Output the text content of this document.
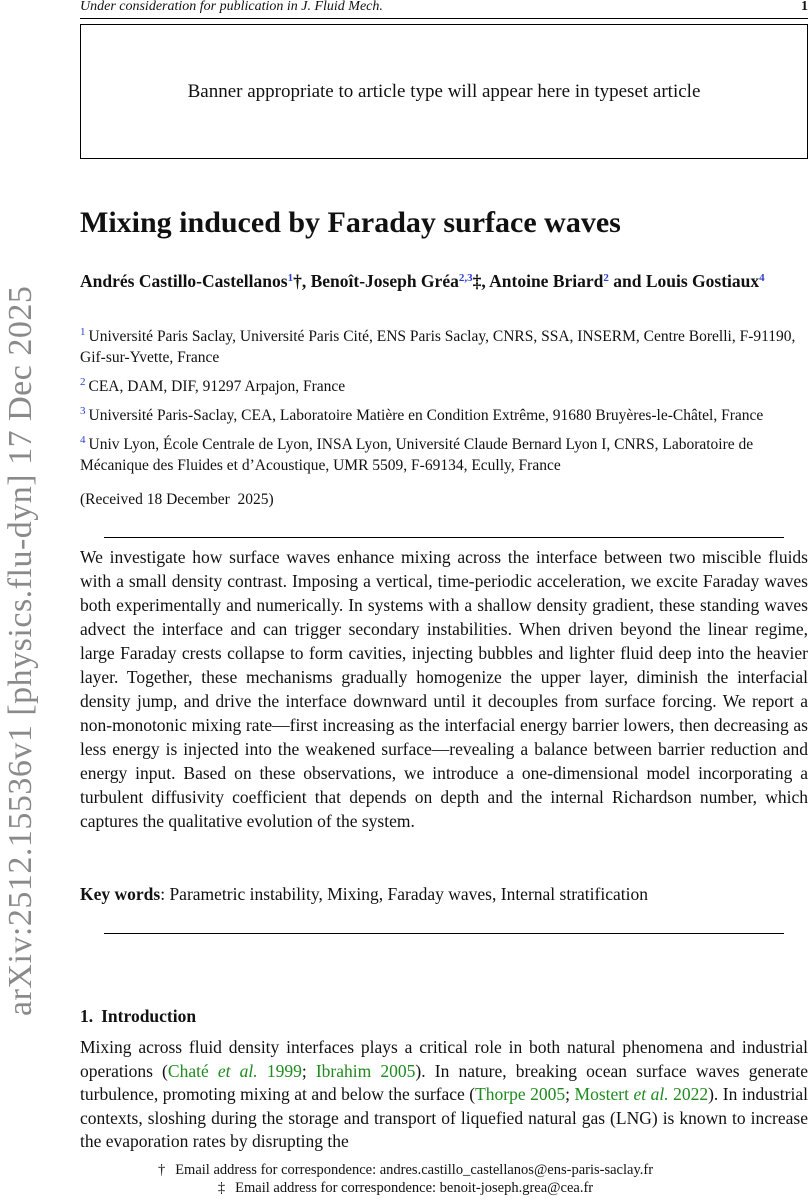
Under consideration for publication in J. Fluid Mech.	1
Banner appropriate to article type will appear here in typeset article
arXiv:2512.15536v1 [physics.flu-dyn] 17 Dec 2025
Mixing induced by Faraday surface waves
Andrés Castillo-Castellanos$^1$†, Benoît-Joseph Gréa$^{2,3}$‡, Antoine Briard$^2$ and Louis Gostiaux$^4$
$^1$ Université Paris Saclay, Université Paris Cité, ENS Paris Saclay, CNRS, SSA, INSERM, Centre Borelli, F-91190, Gif-sur-Yvette, France
$^2$ CEA, DAM, DIF, 91297 Arpajon, France
$^3$ Université Paris-Saclay, CEA, Laboratoire Matière en Condition Extrême, 91680 Bruyères-le-Châtel, France
$^4$ Univ Lyon, École Centrale de Lyon, INSA Lyon, Université Claude Bernard Lyon I, CNRS, Laboratoire de Mécanique des Fluides et d’Acoustique, UMR 5509, F-69134, Ecully, France
(Received 18 December  2025)

We investigate how surface waves enhance mixing across the interface between two miscible fluids with a small density contrast. Imposing a vertical, time-periodic acceleration, we excite Faraday waves both experimentally and numerically. In systems with a shallow density gradient, these standing waves advect the interface and can trigger secondary instabilities. When driven beyond the linear regime, large Faraday crests collapse to form cavities, injecting bubbles and lighter fluid deep into the heavier layer. Together, these mechanisms gradually homogenize the upper layer, diminish the interfacial density jump, and drive the interface downward until it decouples from surface forcing. We report a non-monotonic mixing rate—first increasing as the interfacial energy barrier lowers, then decreasing as less energy is injected into the weakened surface—revealing a balance between barrier reduction and energy input. Based on these observations, we introduce a one-dimensional model incorporating a turbulent diffusivity coefficient that depends on depth and the internal Richardson number, which captures the qualitative evolution of the system.

Key words: Parametric instability, Mixing, Faraday waves, Internal stratification
1. Introduction

Mixing across fluid density interfaces plays a critical role in both natural phenomena and industrial operations (Chaté et al. 1999; Ibrahim 2005). In nature, breaking ocean surface waves generate turbulence, promoting mixing at and below the surface (Thorpe 2005; Mostert et al. 2022). In industrial contexts, sloshing during the storage and transport of liquefied natural gas (LNG) is known to increase the evaporation rates by disrupting the

† Email address for correspondence: andres.castillo_castellanos@ens-paris-saclay.fr
‡ Email address for correspondence: benoit-joseph.grea@cea.fr
